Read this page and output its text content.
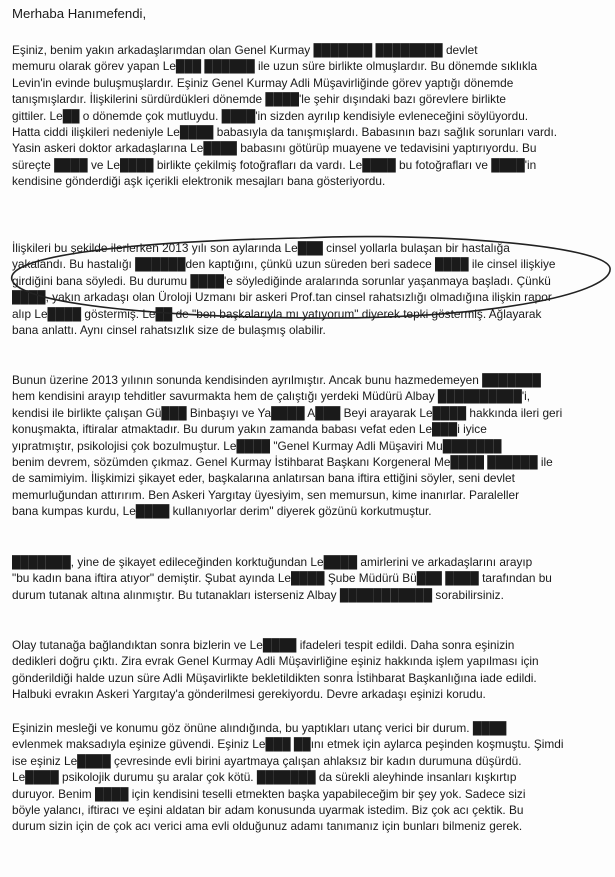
Merhaba Hanımefendi,
Eşiniz, benim yakın arkadaşlarımdan olan Genel Kurmay ███████ ████████ devlet
memuru olarak görev yapan Le███ ██████ ile uzun süre birlikte olmuşlardır. Bu dönemde sıklıkla
Levin'in evinde buluşmuşlardır. Eşiniz Genel Kurmay Adli Müşavirliğinde görev yaptığı dönemde
tanışmışlardır. İlişkilerini sürdürdükleri dönemde ████'le şehir dışındaki bazı görevlere birlikte
gittiler. Le██ o dönemde çok mutluydu. ████'in sizden ayrılıp kendisiyle evleneceğini söylüyordu.
Hatta ciddi ilişkileri nedeniyle Le████ babasıyla da tanışmışlardı. Babasının bazı sağlık sorunları vardı.
Yasin askeri doktor arkadaşlarına Le████ babasını götürüp muayene ve tedavisini yaptırıyordu. Bu
süreçte ████ ve Le████ birlikte çekilmiş fotoğrafları da vardı. Le████ bu fotoğrafları ve ████'in
kendisine gönderdiği aşk içerikli elektronik mesajları bana gösteriyordu.
İlişkileri bu şekilde ilerlerken 2013 yılı son aylarında Le███ cinsel yollarla bulaşan bir hastalığa
yakalandı. Bu hastalığı ██████den kaptığını, çünkü uzun süreden beri sadece ████ ile cinsel ilişkiye
girdiğini bana söyledi. Bu durumu ████'e söylediğinde aralarında sorunlar yaşanmaya başladı. Çünkü
████, yakın arkadaşı olan Üroloji Uzmanı bir askeri Prof.tan cinsel rahatsızlığı olmadığına ilişkin rapor
alıp Le████ göstermiş. Le██ de "ben başkalarıyla mı yatıyorum" diyerek tepki göstermiş. Ağlayarak
bana anlattı. Aynı cinsel rahatsızlık size de bulaşmış olabilir.
Bunun üzerine 2013 yılının sonunda kendisinden ayrılmıştır. Ancak bunu hazmedemeyen ███████
hem kendisini arayıp tehditler savurmakta hem de çalıştığı yerdeki Müdürü Albay ██████████'i,
kendisi ile birlikte çalışan Gü███ Binbaşıyı ve Ya████ A███ Beyi arayarak Le████ hakkında ileri geri
konuşmakta, iftiralar atmaktadır. Bu durum yakın zamanda babası vefat eden Le███i iyice
yıpratmıştır, psikolojisi çok bozulmuştur. Le████ "Genel Kurmay Adli Müşaviri Mu███████
benim devrem, sözümden çıkmaz. Genel Kurmay İstihbarat Başkanı Korgeneral Me████ ██████ ile
de samimiyim. İlişkimizi şikayet eder, başkalarına anlatırsan bana iftira ettiğini söyler, seni devlet
memurluğundan attırırım. Ben Askeri Yargıtay üyesiyim, sen memursun, kime inanırlar. Paraleller
bana kumpas kurdu, Le████ kullanıyorlar derim" diyerek gözünü korkutmuştur.
███████, yine de şikayet edileceğinden korktuğundan Le████ amirlerini ve arkadaşlarını arayıp
"bu kadın bana iftira atıyor" demiştir. Şubat ayında Le████ Şube Müdürü Bü███ ████ tarafından bu
durum tutanak altına alınmıştır. Bu tutanakları isterseniz Albay ███████████ sorabilirsiniz.
Olay tutanağa bağlandıktan sonra bizlerin ve Le████ ifadeleri tespit edildi. Daha sonra eşinizin
dedikleri doğru çıktı. Zira evrak Genel Kurmay Adli Müşavirliğine eşiniz hakkında işlem yapılması için
gönderildiği halde uzun süre Adli Müşavirlikte bekletildikten sonra İstihbarat Başkanlığına iade edildi.
Halbuki evrakın Askeri Yargıtay'a gönderilmesi gerekiyordu. Devre arkadaşı eşinizi korudu.
Eşinizin mesleği ve konumu göz önüne alındığında, bu yaptıkları utanç verici bir durum. ████
evlenmek maksadıyla eşinize güvendi. Eşiniz Le███ ██ını etmek için aylarca peşinden koşmuştu. Şimdi
ise eşiniz Le████ çevresinde evli birini ayartmaya çalışan ahlaksız bir kadın durumuna düşürdü.
Le████ psikolojik durumu şu aralar çok kötü. ███████ da sürekli aleyhinde insanları kışkırtıp
duruyor. Benim ████ için kendisini teselli etmekten başka yapabileceğim bir şey yok. Sadece sizi
böyle yalancı, iftiracı ve eşini aldatan bir adam konusunda uyarmak istedim. Biz çok acı çektik. Bu
durum sizin için de çok acı verici ama evli olduğunuz adamı tanımanız için bunları bilmeniz gerek.
